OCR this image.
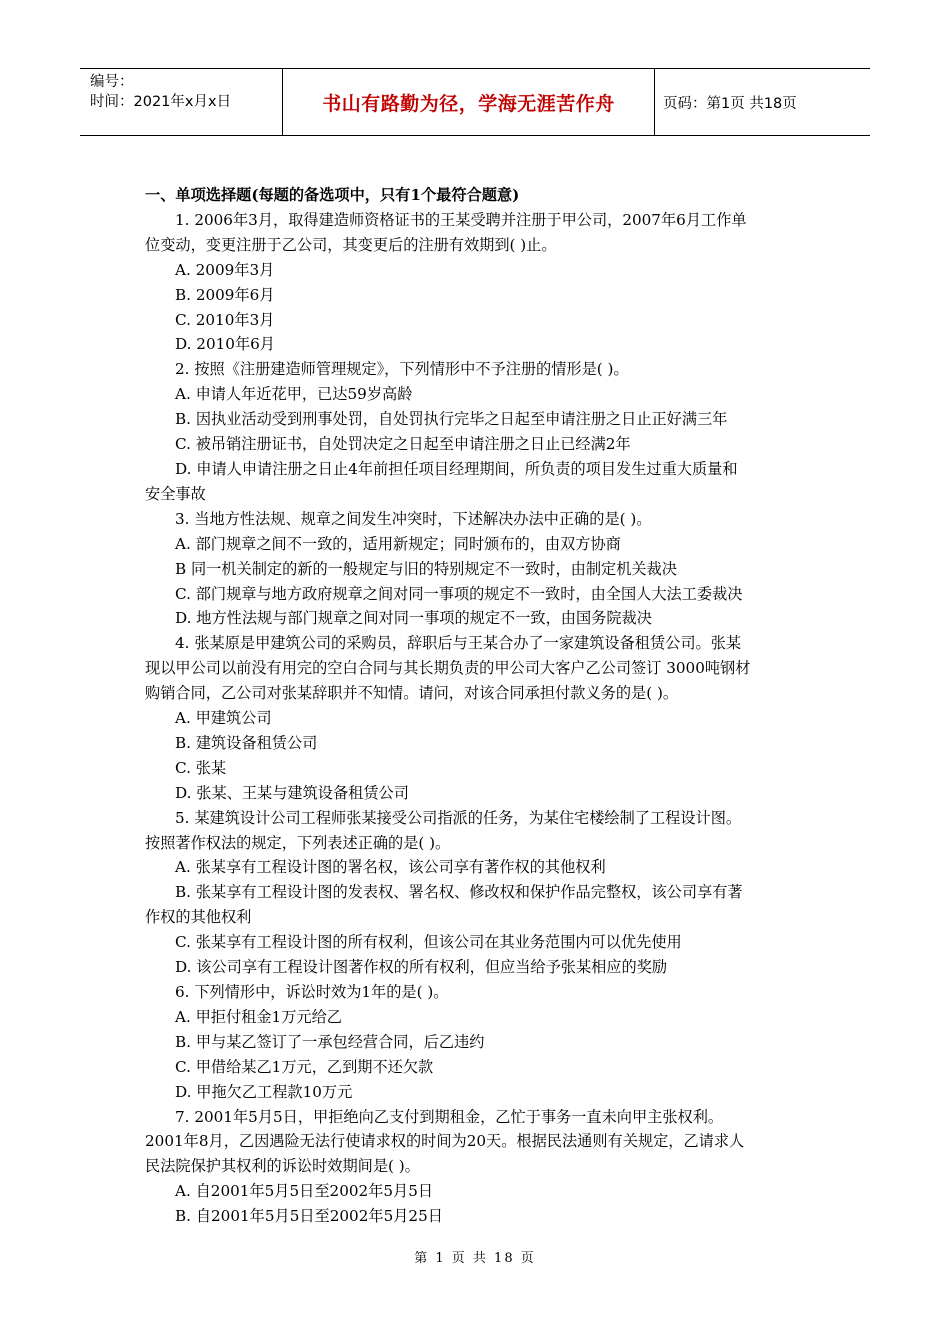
编号：
时间：2021年x月x日	书山有路勤为径，学海无涯苦作舟	页码：第1页 共18页
一、单项选择题(每题的备选项中，只有1个最符合题意)
1. 2006年3月，取得建造师资格证书的王某受聘并注册于甲公司，2007年6月工作单
位变动，变更注册于乙公司，其变更后的注册有效期到( )止。
A. 2009年3月
B. 2009年6月
C. 2010年3月
D. 2010年6月
2. 按照《注册建造师管理规定》，下列情形中不予注册的情形是( )。
A. 申请人年近花甲，已达59岁高龄
B. 因执业活动受到刑事处罚，自处罚执行完毕之日起至申请注册之日止正好满三年
C. 被吊销注册证书，自处罚决定之日起至申请注册之日止已经满2年
D. 申请人申请注册之日止4年前担任项目经理期间，所负责的项目发生过重大质量和
安全事故
3. 当地方性法规、规章之间发生冲突时，下述解决办法中正确的是( )。
A. 部门规章之间不一致的，适用新规定；同时颁布的，由双方协商
B 同一机关制定的新的一般规定与旧的特别规定不一致时，由制定机关裁决
C. 部门规章与地方政府规章之间对同一事项的规定不一致时，由全国人大法工委裁决
D. 地方性法规与部门规章之间对同一事项的规定不一致，由国务院裁决
4. 张某原是甲建筑公司的采购员，辞职后与王某合办了一家建筑设备租赁公司。张某
现以甲公司以前没有用完的空白合同与其长期负责的甲公司大客户乙公司签订 3000吨钢材
购销合同，乙公司对张某辞职并不知情。请问，对该合同承担付款义务的是( )。
A. 甲建筑公司
B. 建筑设备租赁公司
C. 张某
D. 张某、王某与建筑设备租赁公司
5. 某建筑设计公司工程师张某接受公司指派的任务，为某住宅楼绘制了工程设计图。
按照著作权法的规定，下列表述正确的是( )。
A. 张某享有工程设计图的署名权，该公司享有著作权的其他权利
B. 张某享有工程设计图的发表权、署名权、修改权和保护作品完整权，该公司享有著
作权的其他权利
C. 张某享有工程设计图的所有权利，但该公司在其业务范围内可以优先使用
D. 该公司享有工程设计图著作权的所有权利，但应当给予张某相应的奖励
6. 下列情形中，诉讼时效为1年的是( )。
A. 甲拒付租金1万元给乙
B. 甲与某乙签订了一承包经营合同，后乙违约
C. 甲借给某乙1万元，乙到期不还欠款
D. 甲拖欠乙工程款10万元
7. 2001年5月5日，甲拒绝向乙支付到期租金，乙忙于事务一直未向甲主张权利。
2001年8月，乙因遇险无法行使请求权的时间为20天。根据民法通则有关规定，乙请求人
民法院保护其权利的诉讼时效期间是( )。
A. 自2001年5月5日至2002年5月5日
B. 自2001年5月5日至2002年5月25日
第 1 页 共 18 页
